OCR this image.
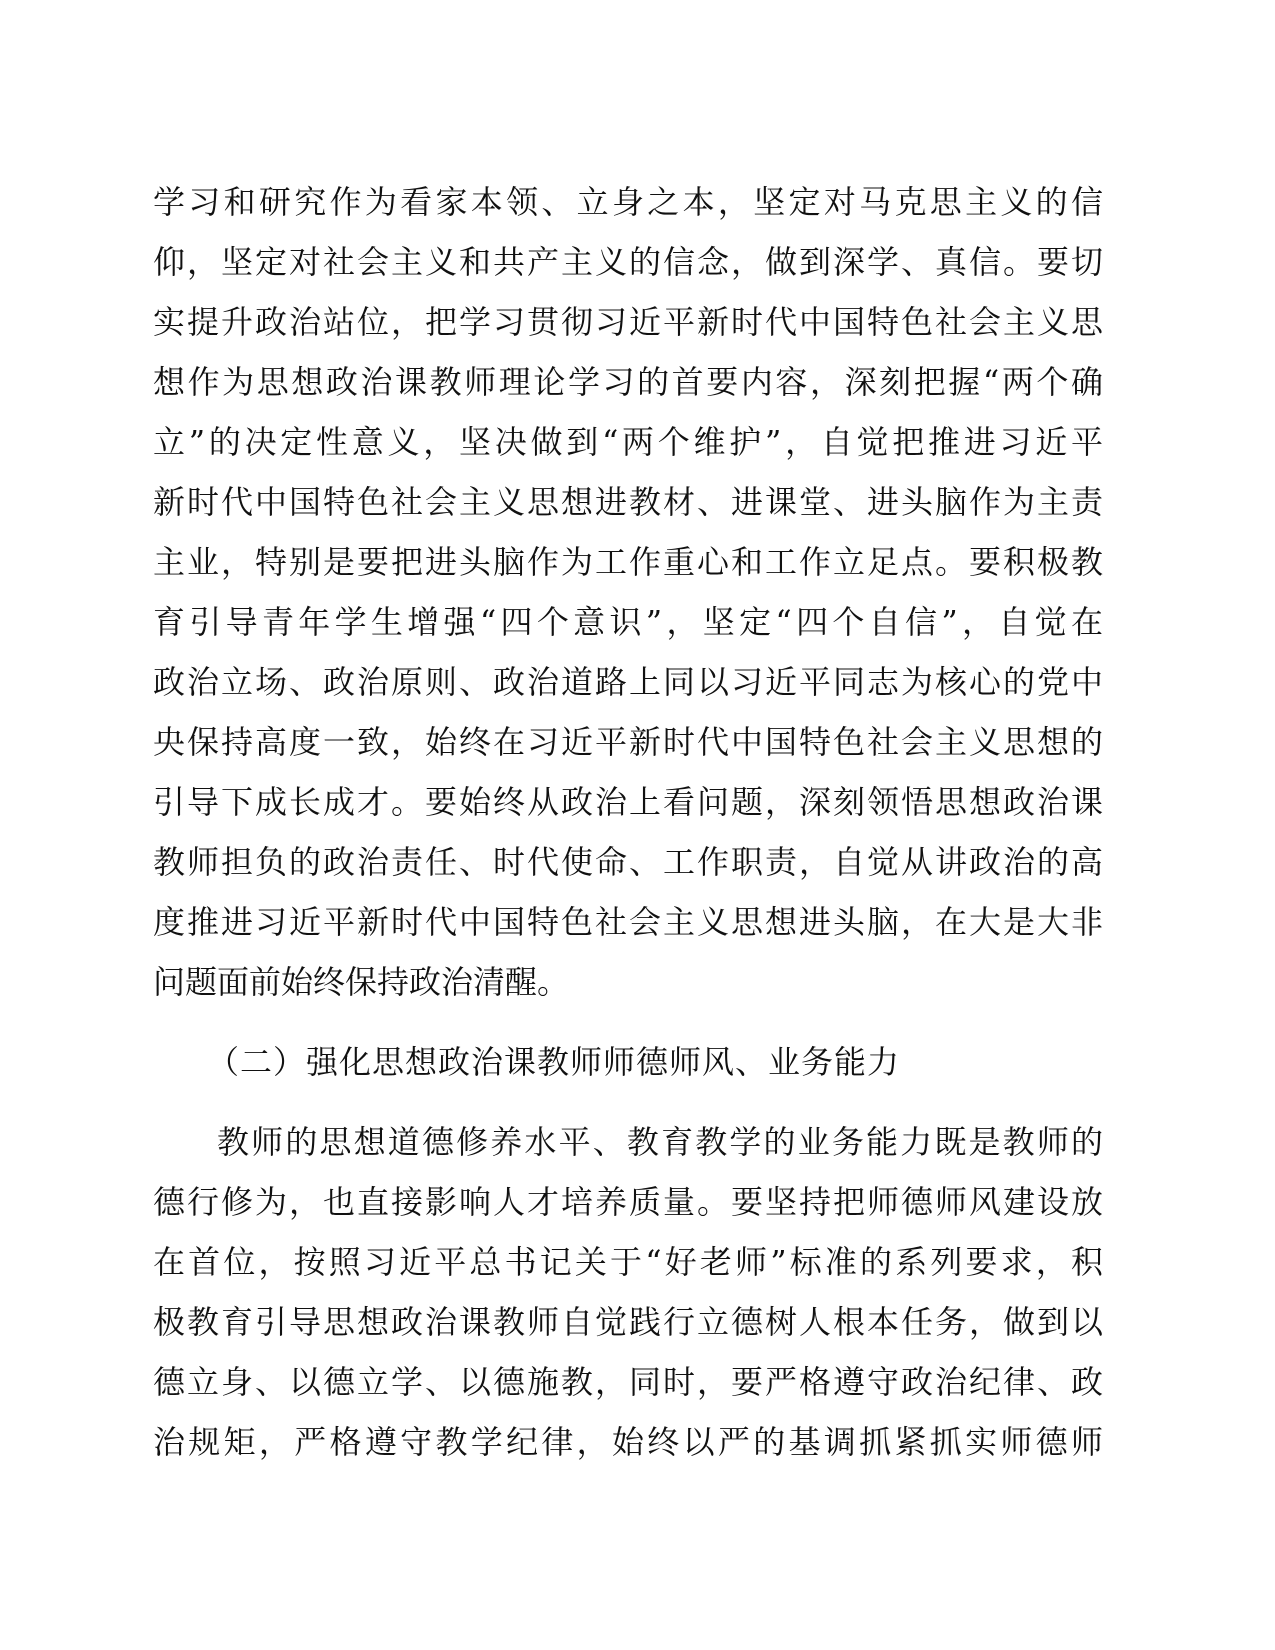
学习和研究作为看家本领、立身之本，坚定对马克思主义的信
仰，坚定对社会主义和共产主义的信念，做到深学、真信。要切
实提升政治站位，把学习贯彻习近平新时代中国特色社会主义思
想作为思想政治课教师理论学习的首要内容，深刻把握“两个确
立”的决定性意义，坚决做到“两个维护”，自觉把推进习近平
新时代中国特色社会主义思想进教材、进课堂、进头脑作为主责
主业，特别是要把进头脑作为工作重心和工作立足点。要积极教
育引导青年学生增强“四个意识”，坚定“四个自信”，自觉在
政治立场、政治原则、政治道路上同以习近平同志为核心的党中
央保持高度一致，始终在习近平新时代中国特色社会主义思想的
引导下成长成才。要始终从政治上看问题，深刻领悟思想政治课
教师担负的政治责任、时代使命、工作职责，自觉从讲政治的高
度推进习近平新时代中国特色社会主义思想进头脑，在大是大非
问题面前始终保持政治清醒。
（二）强化思想政治课教师师德师风、业务能力
教师的思想道德修养水平、教育教学的业务能力既是教师的
德行修为，也直接影响人才培养质量。要坚持把师德师风建设放
在首位，按照习近平总书记关于“好老师”标准的系列要求，积
极教育引导思想政治课教师自觉践行立德树人根本任务，做到以
德立身、以德立学、以德施教，同时，要严格遵守政治纪律、政
治规矩，严格遵守教学纪律，始终以严的基调抓紧抓实师德师
